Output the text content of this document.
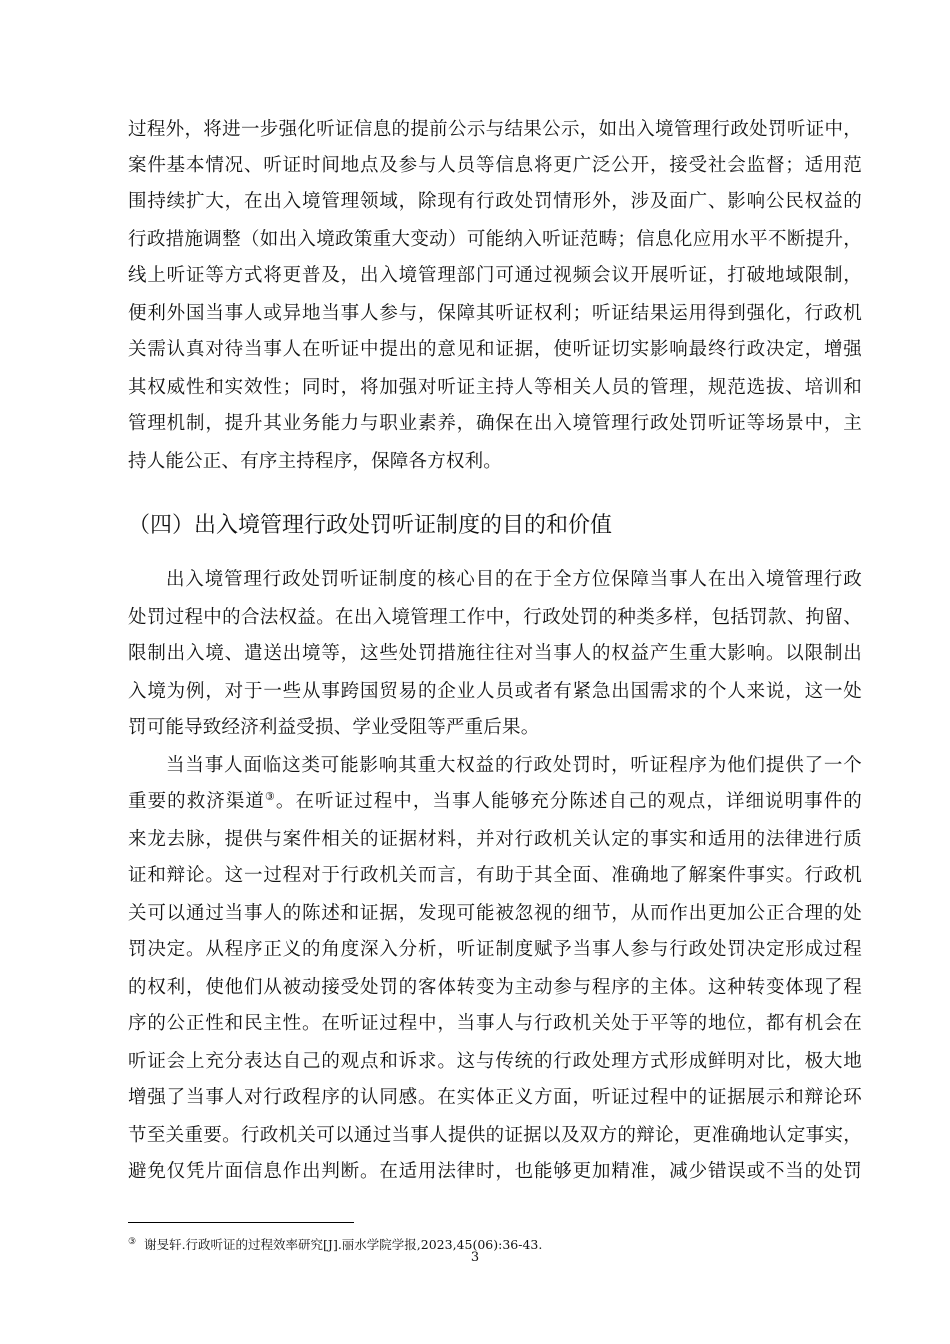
过程外，将进一步强化听证信息的提前公示与结果公示，如出入境管理行政处罚听证中，
案件基本情况、听证时间地点及参与人员等信息将更广泛公开，接受社会监督；适用范
围持续扩大，在出入境管理领域，除现有行政处罚情形外，涉及面广、影响公民权益的
行政措施调整（如出入境政策重大变动）可能纳入听证范畴；信息化应用水平不断提升，
线上听证等方式将更普及，出入境管理部门可通过视频会议开展听证，打破地域限制，
便利外国当事人或异地当事人参与，保障其听证权利；听证结果运用得到强化，行政机
关需认真对待当事人在听证中提出的意见和证据，使听证切实影响最终行政决定，增强
其权威性和实效性；同时，将加强对听证主持人等相关人员的管理，规范选拔、培训和
管理机制，提升其业务能力与职业素养，确保在出入境管理行政处罚听证等场景中，主
持人能公正、有序主持程序，保障各方权利。
（四）出入境管理行政处罚听证制度的目的和价值
出入境管理行政处罚听证制度的核心目的在于全方位保障当事人在出入境管理行政
处罚过程中的合法权益。在出入境管理工作中，行政处罚的种类多样，包括罚款、拘留、
限制出入境、遣送出境等，这些处罚措施往往对当事人的权益产生重大影响。以限制出
入境为例，对于一些从事跨国贸易的企业人员或者有紧急出国需求的个人来说，这一处
罚可能导致经济利益受损、学业受阻等严重后果。
当当事人面临这类可能影响其重大权益的行政处罚时，听证程序为他们提供了一个
重要的救济渠道③。在听证过程中，当事人能够充分陈述自己的观点，详细说明事件的
来龙去脉，提供与案件相关的证据材料，并对行政机关认定的事实和适用的法律进行质
证和辩论。这一过程对于行政机关而言，有助于其全面、准确地了解案件事实。行政机
关可以通过当事人的陈述和证据，发现可能被忽视的细节，从而作出更加公正合理的处
罚决定。从程序正义的角度深入分析，听证制度赋予当事人参与行政处罚决定形成过程
的权利，使他们从被动接受处罚的客体转变为主动参与程序的主体。这种转变体现了程
序的公正性和民主性。在听证过程中，当事人与行政机关处于平等的地位，都有机会在
听证会上充分表达自己的观点和诉求。这与传统的行政处理方式形成鲜明对比，极大地
增强了当事人对行政程序的认同感。在实体正义方面，听证过程中的证据展示和辩论环
节至关重要。行政机关可以通过当事人提供的证据以及双方的辩论，更准确地认定事实，
避免仅凭片面信息作出判断。在适用法律时，也能够更加精准，减少错误或不当的处罚
③ 谢旻轩.行政听证的过程效率研究[J].丽水学院学报,2023,45(06):36-43.
3
